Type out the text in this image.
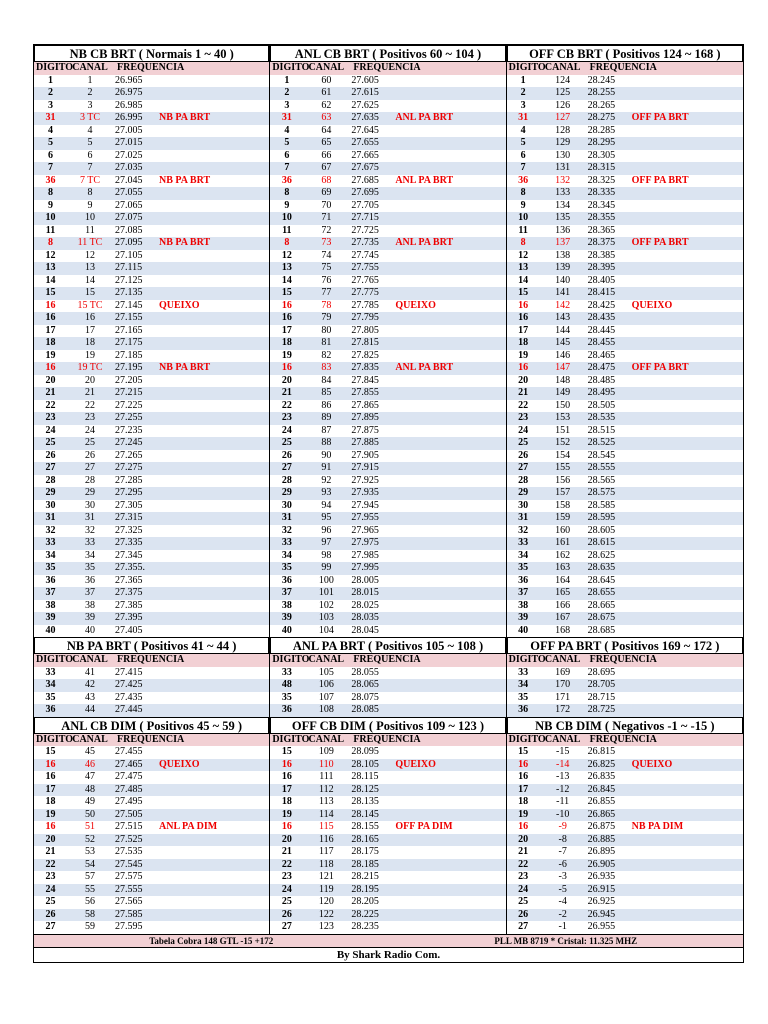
NB CB BRT ( Normais 1 ~ 40 )
DÍGITO CANAL FREQUENCIA
1	1	26.965
2	2	26.975
3	3	26.985
31	3 TC	26.995	NB PA BRT
4	4	27.005
5	5	27.015
6	6	27.025
7	7	27.035
36	7 TC	27.045	NB PA BRT
8	8	27.055
9	9	27.065
10	10	27.075
11	11	27.085
8	11 TC	27.095	NB PA BRT
12	12	27.105
13	13	27.115
14	14	27.125
15	15	27.135
16	15 TC	27.145	QUEIXO
16	16	27.155
17	17	27.165
18	18	27.175
19	19	27.185
16	19 TC	27.195	NB PA BRT
20	20	27.205
21	21	27.215
22	22	27.225
23	23	27.255
24	24	27.235
25	25	27.245
26	26	27.265
27	27	27.275
28	28	27.285
29	29	27.295
30	30	27.305
31	31	27.315
32	32	27.325
33	33	27.335
34	34	27.345
35	35	27.355.
36	36	27.365
37	37	27.375
38	38	27.385
39	39	27.395
40	40	27.405
ANL CB BRT ( Positivos 60 ~ 104 )
DÍGITO CANAL FREQUENCIA
1	60	27.605
2	61	27.615
3	62	27.625
31	63	27.635	ANL PA BRT
4	64	27.645
5	65	27.655
6	66	27.665
7	67	27.675
36	68	27.685	ANL PA BRT
8	69	27.695
9	70	27.705
10	71	27.715
11	72	27.725
8	73	27.735	ANL PA BRT
12	74	27.745
13	75	27.755
14	76	27.765
15	77	27.775
16	78	27.785	QUEIXO
16	79	27.795
17	80	27.805
18	81	27.815
19	82	27.825
16	83	27.835	ANL PA BRT
20	84	27.845
21	85	27.855
22	86	27.865
23	89	27.895
24	87	27.875
25	88	27.885
26	90	27.905
27	91	27.915
28	92	27.925
29	93	27.935
30	94	27.945
31	95	27.955
32	96	27.965
33	97	27.975
34	98	27.985
35	99	27.995
36	100	28.005
37	101	28.015
38	102	28.025
39	103	28.035
40	104	28.045
OFF CB BRT ( Positivos 124 ~ 168 )
DÍGITO CANAL FREQUENCIA
1	124	28.245
2	125	28.255
3	126	28.265
31	127	28.275	OFF PA BRT
4	128	28.285
5	129	28.295
6	130	28.305
7	131	28.315
36	132	28.325	OFF PA BRT
8	133	28.335
9	134	28.345
10	135	28.355
11	136	28.365
8	137	28.375	OFF PA BRT
12	138	28.385
13	139	28.395
14	140	28.405
15	141	28.415
16	142	28.425	QUEIXO
16	143	28.435
17	144	28.445
18	145	28.455
19	146	28.465
16	147	28.475	OFF PA BRT
20	148	28.485
21	149	28.495
22	150	28.505
23	153	28.535
24	151	28.515
25	152	28.525
26	154	28.545
27	155	28.555
28	156	28.565
29	157	28.575
30	158	28.585
31	159	28.595
32	160	28.605
33	161	28.615
34	162	28.625
35	163	28.635
36	164	28.645
37	165	28.655
38	166	28.665
39	167	28.675
40	168	28.685
NB PA BRT ( Positivos 41 ~ 44 )
DIGITO CANAL FREQUENCIA
33	41	27.415
34	42	27.425
35	43	27.435
36	44	27.445
ANL PA BRT ( Positivos 105 ~ 108 )
DIGITO CANAL FREQUENCIA
33	105	28.055
48	106	28.065
35	107	28.075
36	108	28.085
OFF PA BRT ( Positivos 169 ~ 172 )
DIGITO CANAL FREQUENCIA
33	169	28.695
34	170	28.705
35	171	28.715
36	172	28.725
ANL CB DIM ( Positivos 45 ~ 59 )
DIGITO CANAL FREQUENCIA
15	45	27.455
16	46	27.465	QUEIXO
16	47	27.475
17	48	27.485
18	49	27.495
19	50	27.505
16	51	27.515	ANL PA DIM
20	52	27.525
21	53	27.535
22	54	27.545
23	57	27.575
24	55	27.555
25	56	27.565
26	58	27.585
27	59	27.595
OFF CB DIM ( Positivos 109 ~ 123 )
DIGITO CANAL FREQUENCIA
15	109	28.095
16	110	28.105	QUEIXO
16	111	28.115
17	112	28.125
18	113	28.135
19	114	28.145
16	115	28.155	OFF PA DIM
20	116	28.165
21	117	28.175
22	118	28.185
23	121	28.215
24	119	28.195
25	120	28.205
26	122	28.225
27	123	28.235
NB CB DIM ( Negativos -1 ~ -15 )
DIGITO CANAL FREQUENCIA
15	-15	26.815
16	-14	26.825	QUEIXO
16	-13	26.835
17	-12	26.845
18	-11	26.855
19	-10	26.865
16	-9	26.875	NB PA DIM
20	-8	26.885
21	-7	26.895
22	-6	26.905
23	-3	26.935
24	-5	26.915
25	-4	26.925
26	-2	26.945
27	-1	26.955
Tabela Cobra 148 GTL -15 +172	PLL MB 8719 * Cristal: 11.325 MHZ
By Shark Radio Com.
